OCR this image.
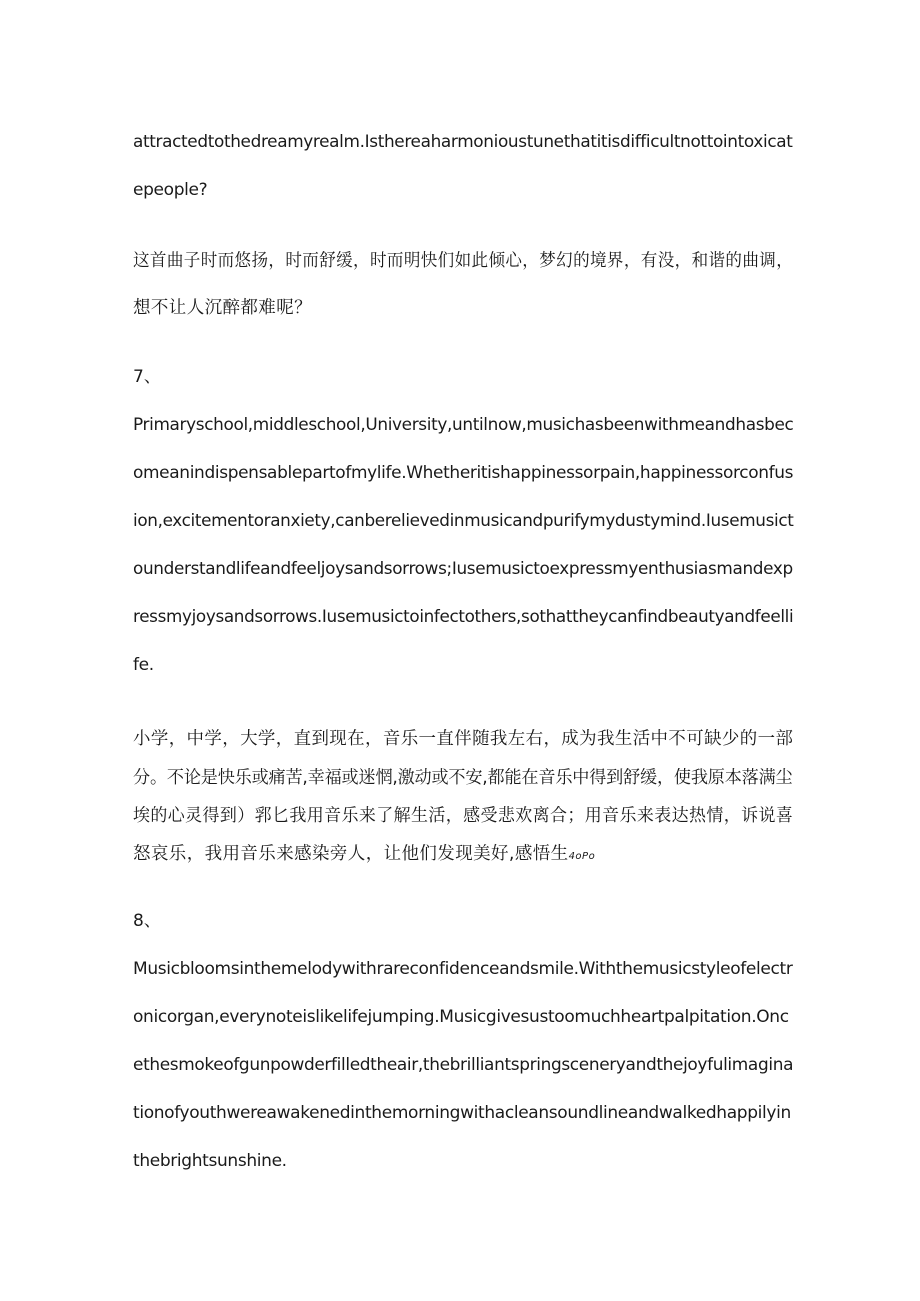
attractedtothedreamyrealm.Isthereaharmonioustunethatitisdifficultnottointoxicat
epeople?
这首曲子时而悠扬，时而舒缓，时而明快们如此倾心，梦幻的境界，有没，和谐的曲调，
想不让人沉醉都难呢？
7、
Primaryschool,middleschool,University,untilnow,musichasbeenwithmeandhasbec
omeanindispensablepartofmylife.Whetheritishappinessorpain,happinessorconfus
ion,excitementoranxiety,canberelievedinmusicandpurifymydustymind.Iusemusict
ounderstandlifeandfeeljoysandsorrows;Iusemusictoexpressmyenthusiasmandexp
ressmyjoysandsorrows.Iusemusictoinfectothers,sothattheycanfindbeautyandfeelli
fe.
小学，中学，大学，直到现在，音乐一直伴随我左右，成为我生活中不可缺少的一部
分。不论是快乐或痛苦,幸福或迷惘,激动或不安,都能在音乐中得到舒缓，使我原本落满尘
埃的心灵得到）郛匕我用音乐来了解生活，感受悲欢离合；用音乐来表达热情，诉说喜
怒哀乐，我用音乐来感染旁人，让他们发现美好,感悟生4oPo
8、
Musicbloomsinthemelodywithrareconfidenceandsmile.Withthemusicstyleofelectr
onicorgan,everynoteislikelifejumping.Musicgivesustoomuchheartpalpitation.Onc
ethesmokeofgunpowderfilledtheair,thebrilliantspringsceneryandthejoyfulimagina
tionofyouthwereawakenedinthemorningwithacleansoundlineandwalkedhappilyin
thebrightsunshine.
